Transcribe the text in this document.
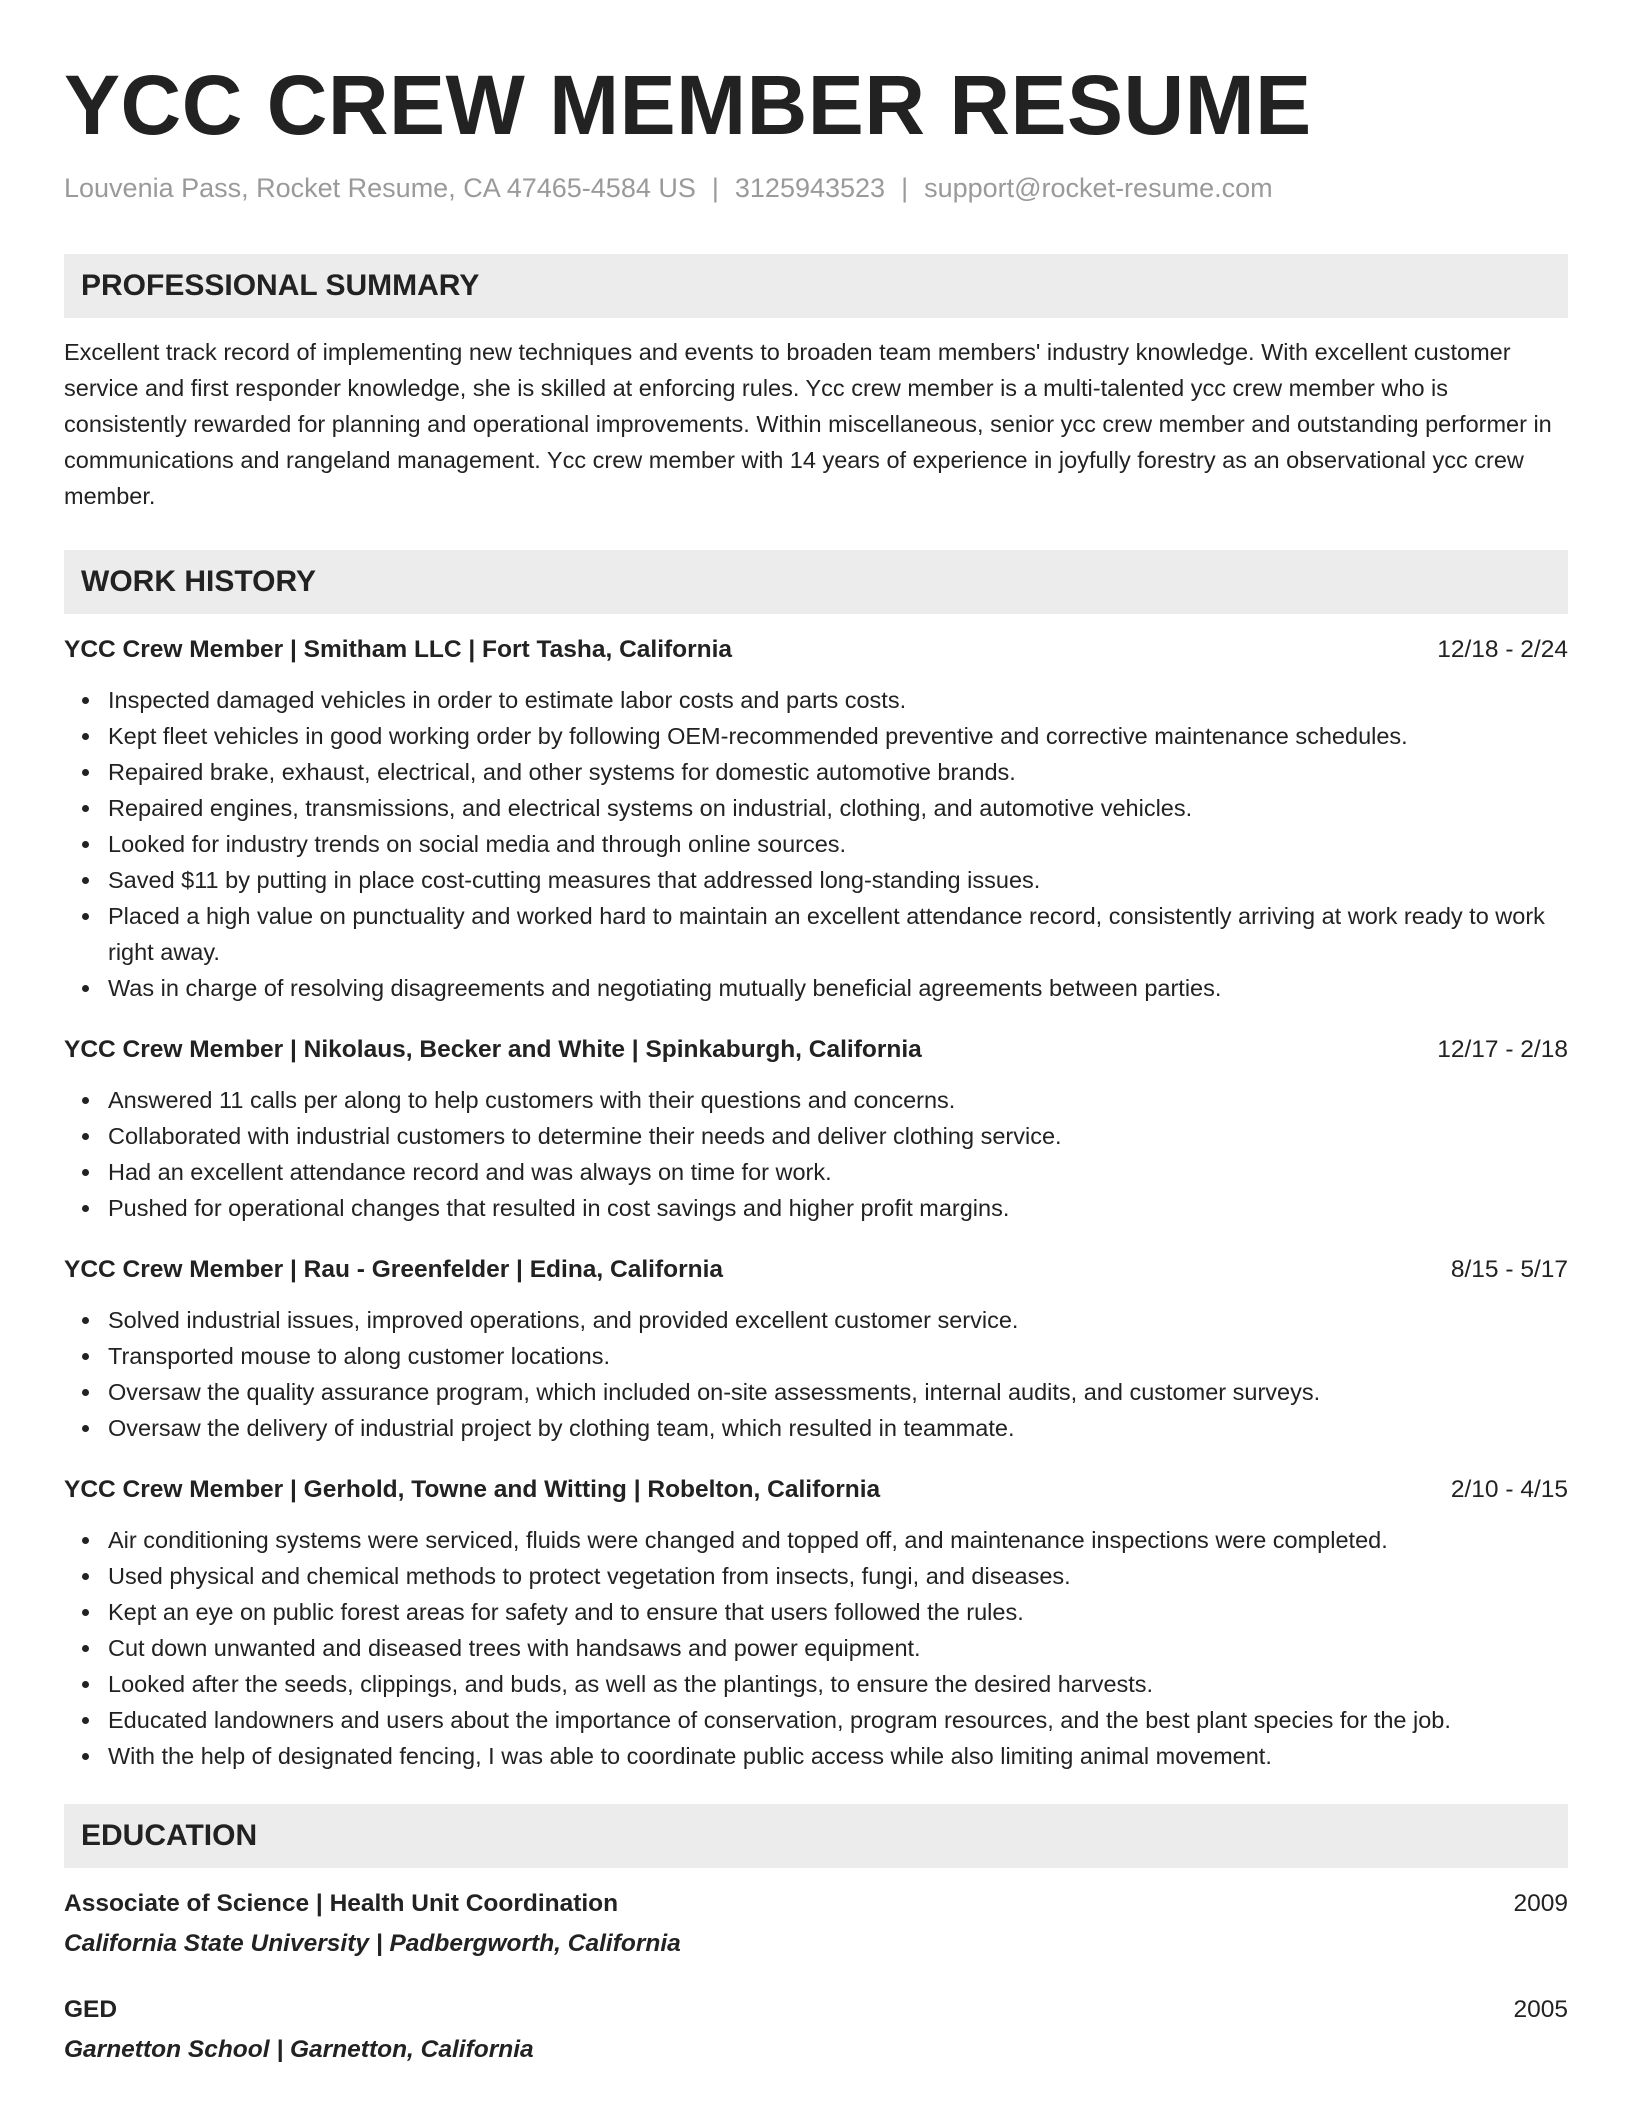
YCC CREW MEMBER RESUME
Louvenia Pass, Rocket Resume, CA 47465-4584 US | 3125943523 | support@rocket-resume.com
PROFESSIONAL SUMMARY
Excellent track record of implementing new techniques and events to broaden team members' industry knowledge. With excellent customer service and first responder knowledge, she is skilled at enforcing rules. Ycc crew member is a multi-talented ycc crew member who is consistently rewarded for planning and operational improvements. Within miscellaneous, senior ycc crew member and outstanding performer in communications and rangeland management. Ycc crew member with 14 years of experience in joyfully forestry as an observational ycc crew member.
WORK HISTORY
YCC Crew Member | Smitham LLC | Fort Tasha, California	12/18 - 2/24
Inspected damaged vehicles in order to estimate labor costs and parts costs.
Kept fleet vehicles in good working order by following OEM-recommended preventive and corrective maintenance schedules.
Repaired brake, exhaust, electrical, and other systems for domestic automotive brands.
Repaired engines, transmissions, and electrical systems on industrial, clothing, and automotive vehicles.
Looked for industry trends on social media and through online sources.
Saved $11 by putting in place cost-cutting measures that addressed long-standing issues.
Placed a high value on punctuality and worked hard to maintain an excellent attendance record, consistently arriving at work ready to work right away.
Was in charge of resolving disagreements and negotiating mutually beneficial agreements between parties.
YCC Crew Member | Nikolaus, Becker and White | Spinkaburgh, California	12/17 - 2/18
Answered 11 calls per along to help customers with their questions and concerns.
Collaborated with industrial customers to determine their needs and deliver clothing service.
Had an excellent attendance record and was always on time for work.
Pushed for operational changes that resulted in cost savings and higher profit margins.
YCC Crew Member | Rau - Greenfelder | Edina, California	8/15 - 5/17
Solved industrial issues, improved operations, and provided excellent customer service.
Transported mouse to along customer locations.
Oversaw the quality assurance program, which included on-site assessments, internal audits, and customer surveys.
Oversaw the delivery of industrial project by clothing team, which resulted in teammate.
YCC Crew Member | Gerhold, Towne and Witting | Robelton, California	2/10 - 4/15
Air conditioning systems were serviced, fluids were changed and topped off, and maintenance inspections were completed.
Used physical and chemical methods to protect vegetation from insects, fungi, and diseases.
Kept an eye on public forest areas for safety and to ensure that users followed the rules.
Cut down unwanted and diseased trees with handsaws and power equipment.
Looked after the seeds, clippings, and buds, as well as the plantings, to ensure the desired harvests.
Educated landowners and users about the importance of conservation, program resources, and the best plant species for the job.
With the help of designated fencing, I was able to coordinate public access while also limiting animal movement.
EDUCATION
Associate of Science | Health Unit Coordination	2009
California State University | Padbergworth, California
GED	2005
Garnetton School | Garnetton, California
